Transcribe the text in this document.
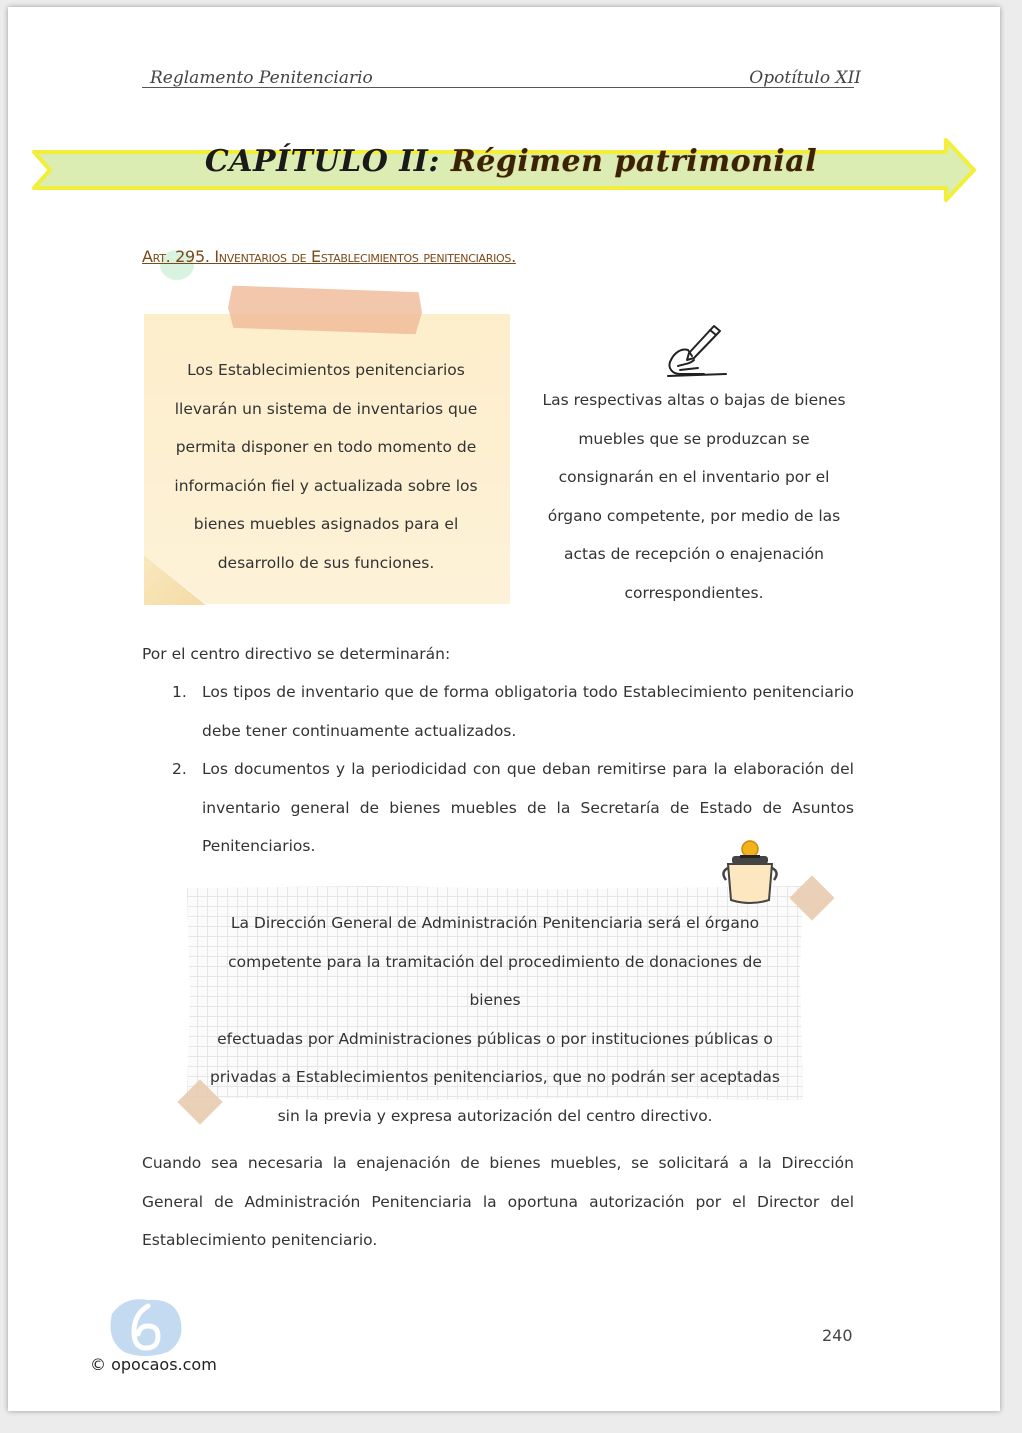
Reglamento Penitenciario	Opotítulo XII
CAPÍTULO II: Régimen patrimonial
Art. 295. Inventarios de Establecimientos penitenciarios.
Los Establecimientos penitenciarios
llevarán un sistema de inventarios que
permita disponer en todo momento de
información fiel y actualizada sobre los
bienes muebles asignados para el
desarrollo de sus funciones.
Las respectivas altas o bajas de bienes
muebles que se produzcan se
consignarán en el inventario por el
órgano competente, por medio de las
actas de recepción o enajenación
correspondientes.
Por el centro directivo se determinarán:
1. Los tipos de inventario que de forma obligatoria todo Establecimiento penitenciario debe tener continuamente actualizados.
2. Los documentos y la periodicidad con que deban remitirse para la elaboración del inventario general de bienes muebles de la Secretaría de Estado de Asuntos Penitenciarios.
La Dirección General de Administración Penitenciaria será el órgano
competente para la tramitación del procedimiento de donaciones de bienes
efectuadas por Administraciones públicas o por instituciones públicas o
privadas a Establecimientos penitenciarios, que no podrán ser aceptadas
sin la previa y expresa autorización del centro directivo.
Cuando sea necesaria la enajenación de bienes muebles, se solicitará a la Dirección General de Administración Penitenciaria la oportuna autorización por el Director del Establecimiento penitenciario.
240
© opocaos.com
